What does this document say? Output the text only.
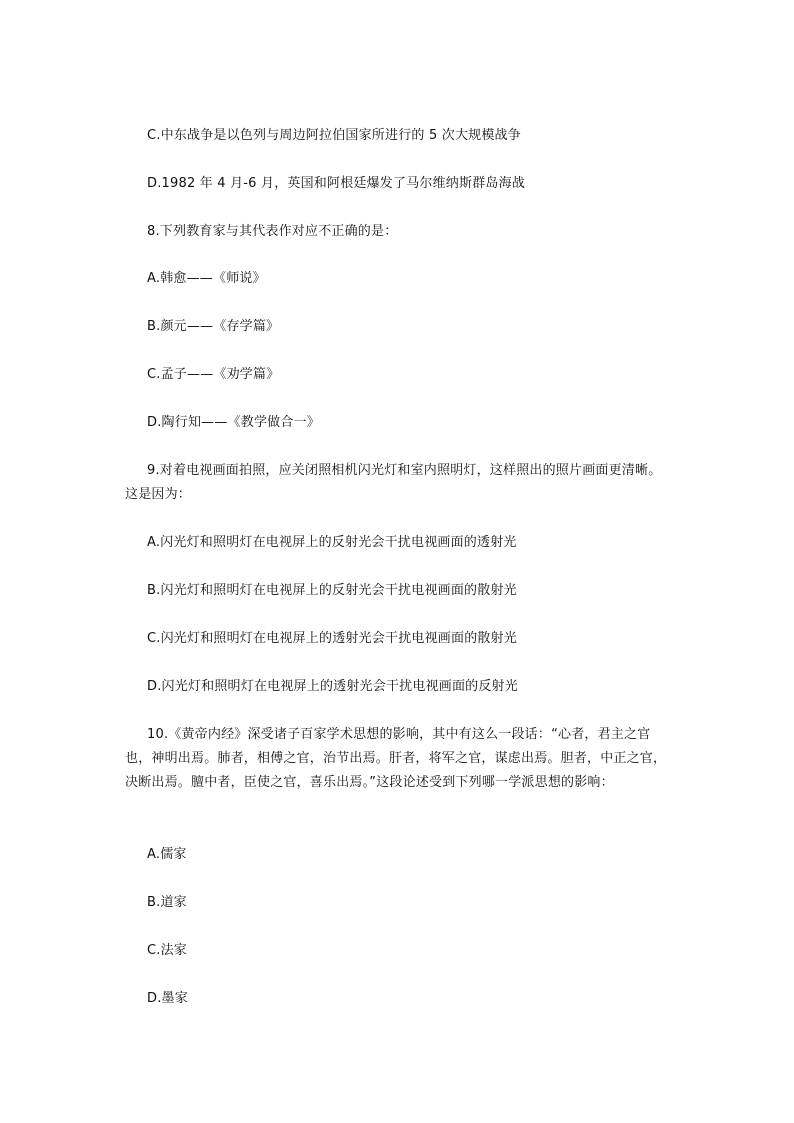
C.中东战争是以色列与周边阿拉伯国家所进行的 5 次大规模战争
D.1982 年 4 月-6 月，英国和阿根廷爆发了马尔维纳斯群岛海战
8.下列教育家与其代表作对应不正确的是：
A.韩愈——《师说》
B.颜元——《存学篇》
C.孟子——《劝学篇》
D.陶行知——《教学做合一》
9.对着电视画面拍照，应关闭照相机闪光灯和室内照明灯，这样照出的照片画面更清晰。这是因为：
A.闪光灯和照明灯在电视屏上的反射光会干扰电视画面的透射光
B.闪光灯和照明灯在电视屏上的反射光会干扰电视画面的散射光
C.闪光灯和照明灯在电视屏上的透射光会干扰电视画面的散射光
D.闪光灯和照明灯在电视屏上的透射光会干扰电视画面的反射光
10.《黄帝内经》深受诸子百家学术思想的影响，其中有这么一段话：“心者，君主之官也，神明出焉。肺者，相傅之官，治节出焉。肝者，将军之官，谋虑出焉。胆者，中正之官，决断出焉。膻中者，臣使之官，喜乐出焉。”这段论述受到下列哪一学派思想的影响：
A.儒家
B.道家
C.法家
D.墨家
